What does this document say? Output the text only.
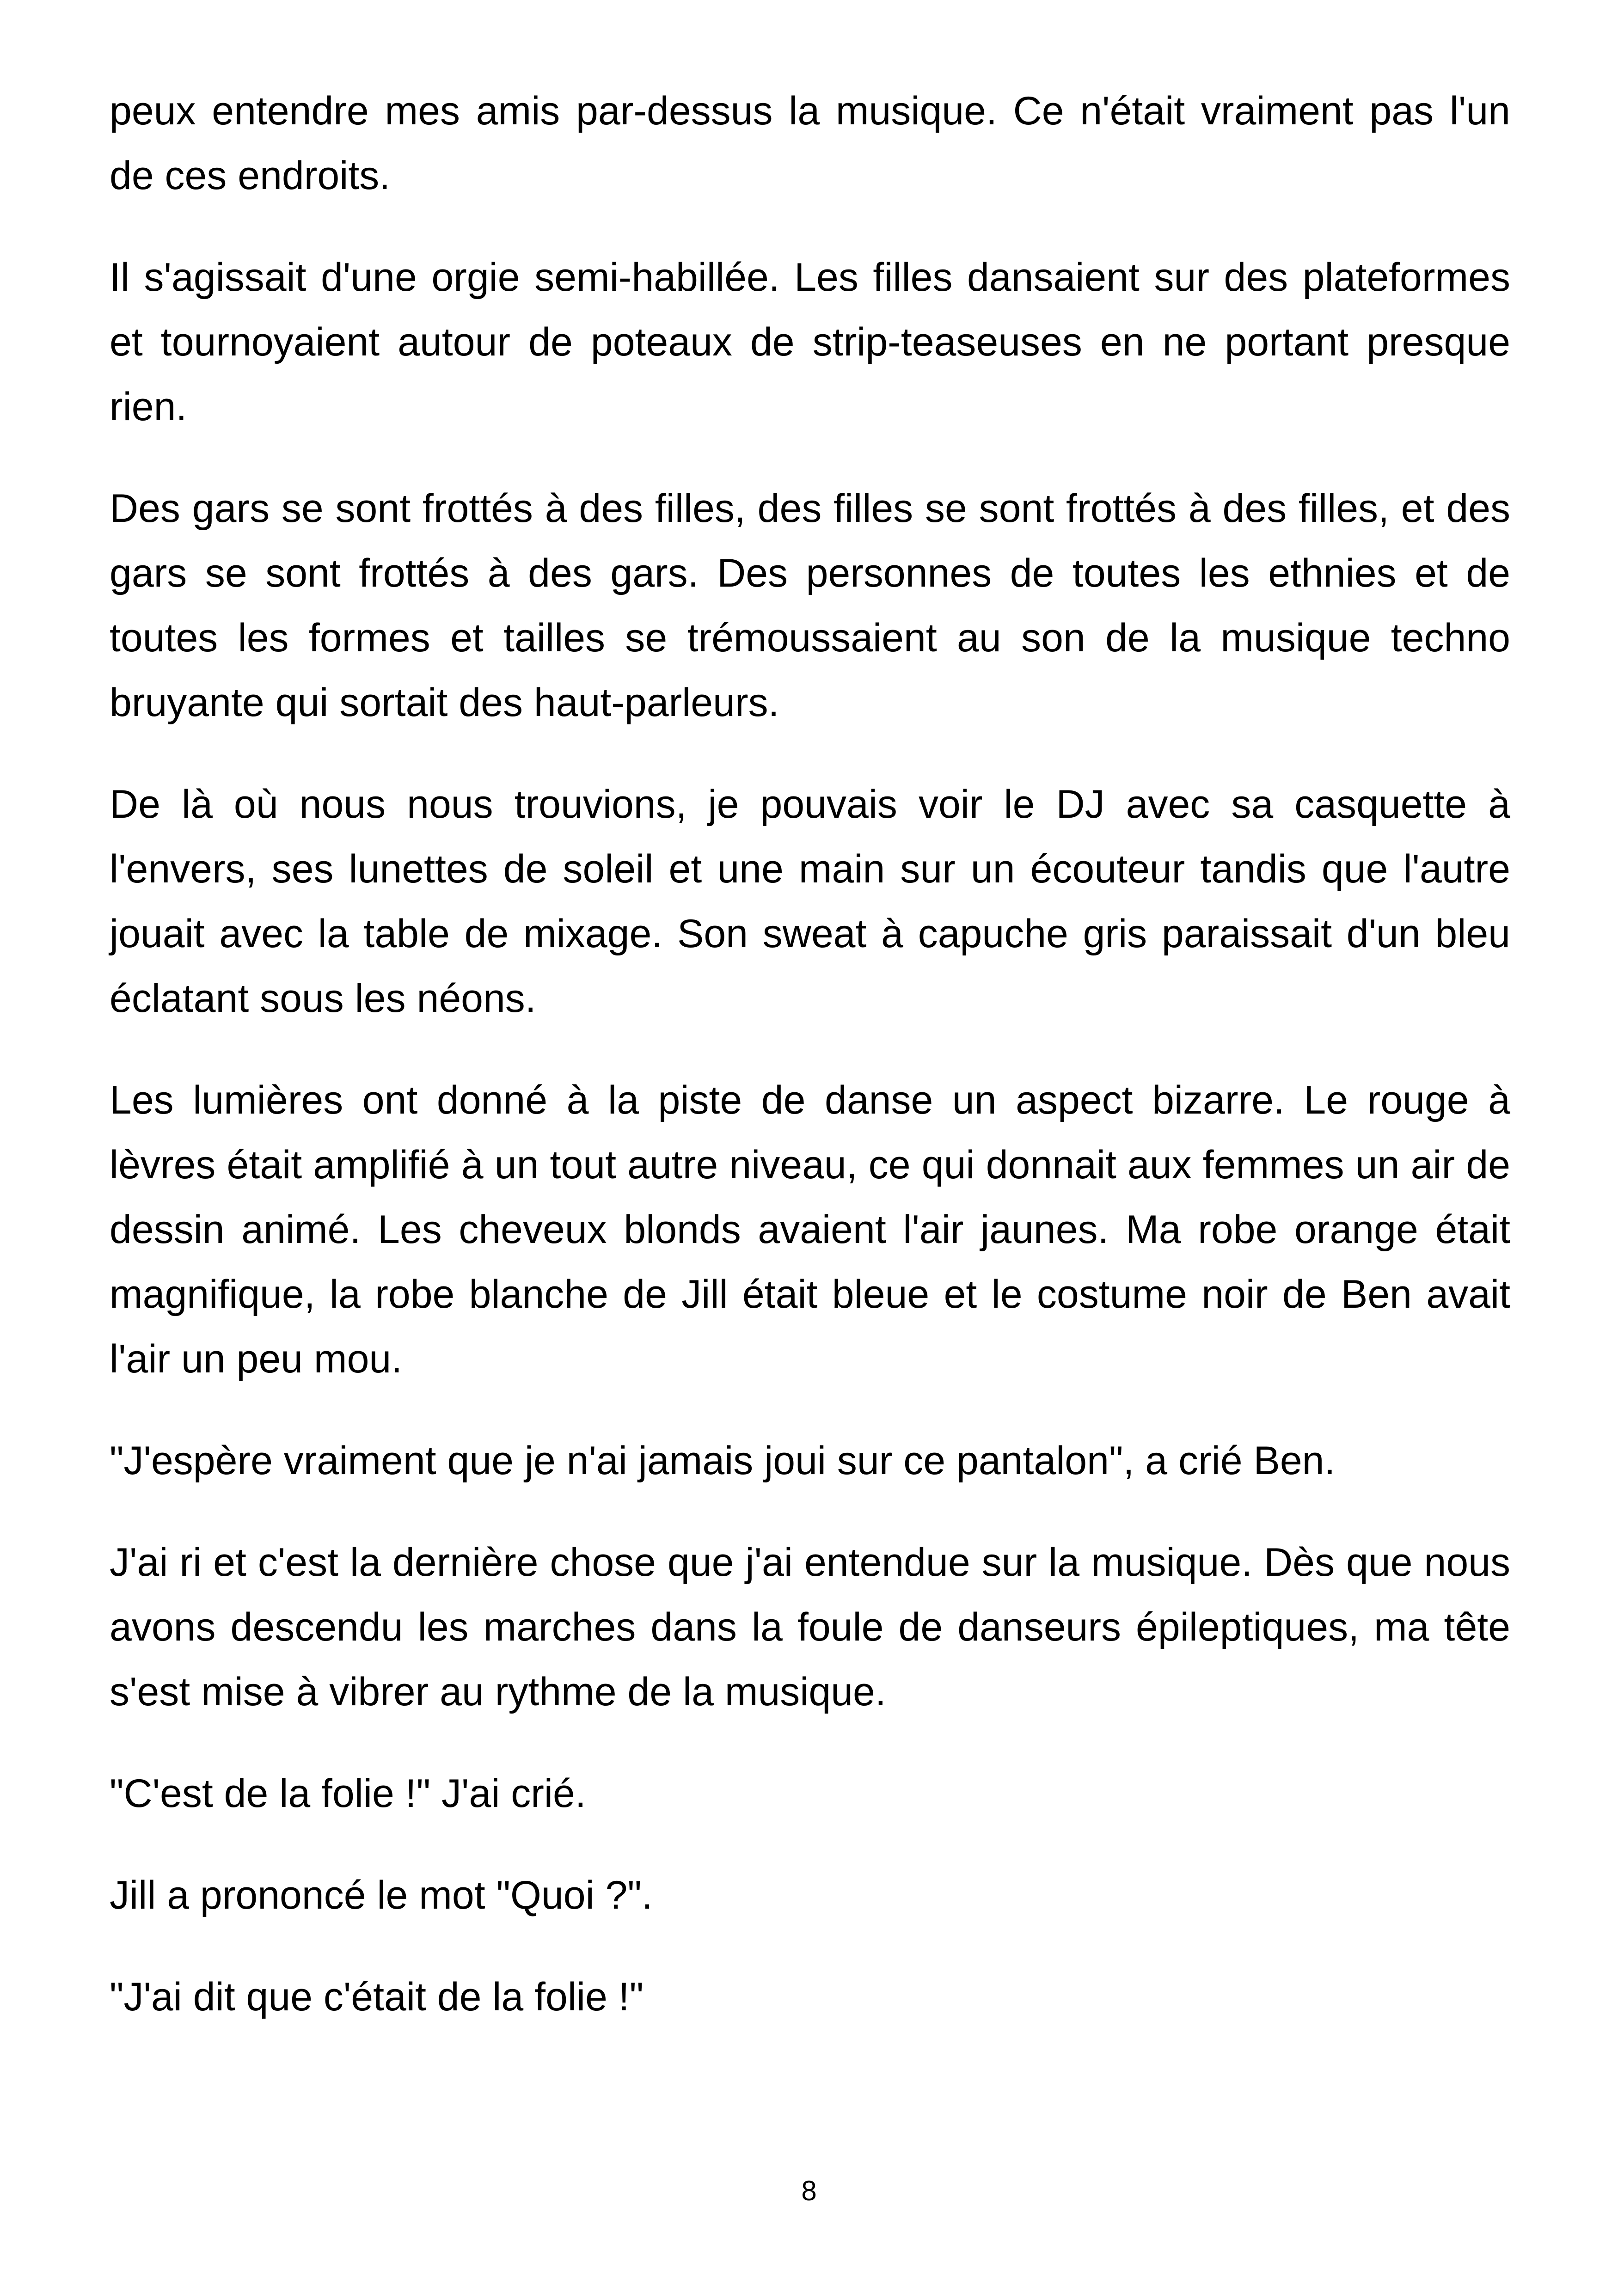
peux entendre mes amis par-dessus la musique. Ce n'était vraiment pas l'un de ces endroits.

Il s'agissait d'une orgie semi-habillée. Les filles dansaient sur des plateformes et tournoyaient autour de poteaux de strip-teaseuses en ne portant presque rien.

Des gars se sont frottés à des filles, des filles se sont frottés à des filles, et des gars se sont frottés à des gars. Des personnes de toutes les ethnies et de toutes les formes et tailles se trémoussaient au son de la musique techno bruyante qui sortait des haut-parleurs.

De là où nous nous trouvions, je pouvais voir le DJ avec sa casquette à l'envers, ses lunettes de soleil et une main sur un écouteur tandis que l'autre jouait avec la table de mixage. Son sweat à capuche gris paraissait d'un bleu éclatant sous les néons.

Les lumières ont donné à la piste de danse un aspect bizarre. Le rouge à lèvres était amplifié à un tout autre niveau, ce qui donnait aux femmes un air de dessin animé. Les cheveux blonds avaient l'air jaunes. Ma robe orange était magnifique, la robe blanche de Jill était bleue et le costume noir de Ben avait l'air un peu mou.

"J'espère vraiment que je n'ai jamais joui sur ce pantalon", a crié Ben.

J'ai ri et c'est la dernière chose que j'ai entendue sur la musique. Dès que nous avons descendu les marches dans la foule de danseurs épileptiques, ma tête s'est mise à vibrer au rythme de la musique.

"C'est de la folie !" J'ai crié.

Jill a prononcé le mot "Quoi ?".

"J'ai dit que c'était de la folie !"

8
